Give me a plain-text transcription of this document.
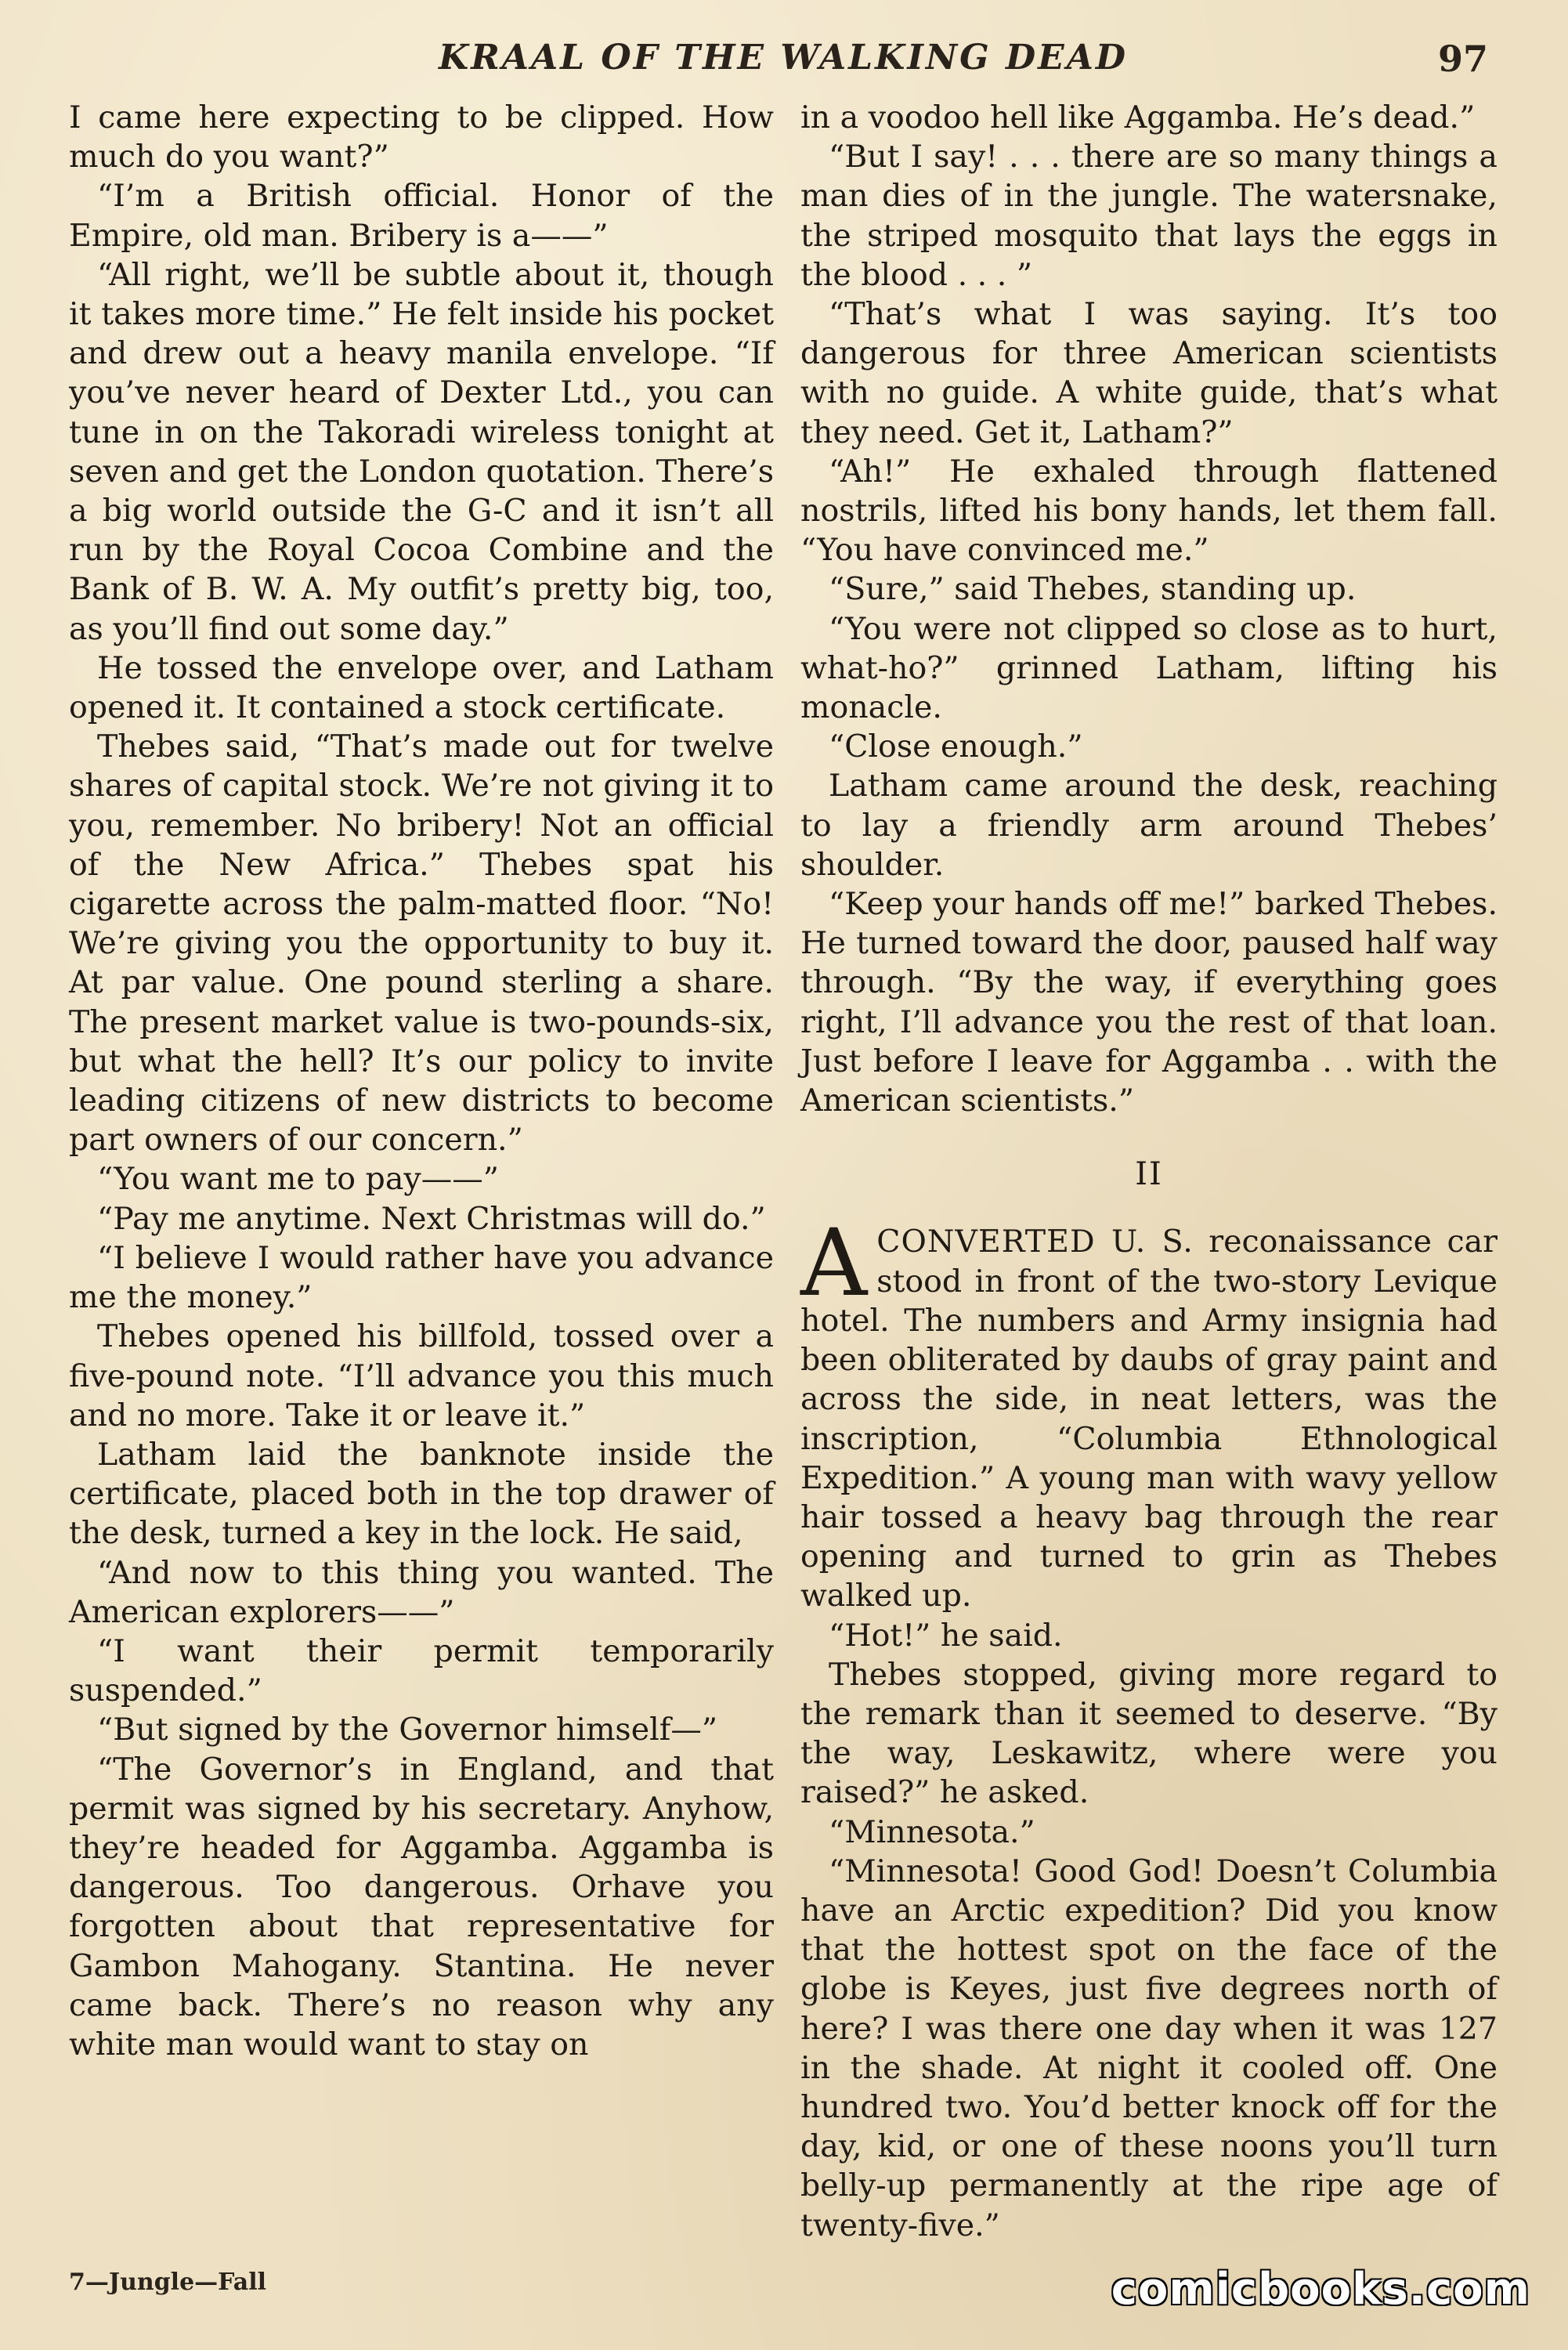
KRAAL OF THE WALKING DEAD	97

I came here expecting to be clipped. How much do you want?”

“I’m a British official. Honor of the Empire, old man. Bribery is a——”

“All right, we’ll be subtle about it, though it takes more time.” He felt inside his pocket and drew out a heavy manila envelope. “If you’ve never heard of Dexter Ltd., you can tune in on the Takoradi wireless tonight at seven and get the London quotation. There’s a big world outside the G-C and it isn’t all run by the Royal Cocoa Combine and the Bank of B. W. A. My outfit’s pretty big, too, as you’ll find out some day.”

He tossed the envelope over, and Latham opened it. It contained a stock certificate.

Thebes said, “That’s made out for twelve shares of capital stock. We’re not giving it to you, remember. No bribery! Not an official of the New Africa.” Thebes spat his cigarette across the palm-matted floor. “No! We’re giving you the opportunity to buy it. At par value. One pound sterling a share. The present market value is two-pounds-six, but what the hell? It’s our policy to invite leading citizens of new districts to become part owners of our concern.”

“You want me to pay——”

“Pay me anytime. Next Christmas will do.”

“I believe I would rather have you advance me the money.”

Thebes opened his billfold, tossed over a five-pound note. “I’ll advance you this much and no more. Take it or leave it.”

Latham laid the banknote inside the certificate, placed both in the top drawer of the desk, turned a key in the lock. He said,

“And now to this thing you wanted. The American explorers——”

“I want their permit temporarily suspended.”

“But signed by the Governor himself—”

“The Governor’s in England, and that permit was signed by his secretary. Anyhow, they’re headed for Aggamba. Aggamba is dangerous. Too dangerous. Orhave you forgotten about that representative for Gambon Mahogany. Stantina. He never came back. There’s no reason why any white man would want to stay on

in a voodoo hell like Aggamba. He’s dead.”

“But I say! . . . there are so many things a man dies of in the jungle. The watersnake, the striped mosquito that lays the eggs in the blood . . . ”

“That’s what I was saying. It’s too dangerous for three American scientists with no guide. A white guide, that’s what they need. Get it, Latham?”

“Ah!” He exhaled through flattened nostrils, lifted his bony hands, let them fall. “You have convinced me.”

“Sure,” said Thebes, standing up.

“You were not clipped so close as to hurt, what-ho?” grinned Latham, lifting his monacle.

“Close enough.”

Latham came around the desk, reaching to lay a friendly arm around Thebes’ shoulder.

“Keep your hands off me!” barked Thebes. He turned toward the door, paused half way through. “By the way, if everything goes right, I’ll advance you the rest of that loan. Just before I leave for Aggamba . . with the American scientists.”

II

ACONVERTED U. S. reconaissance car stood in front of the two-story Levique hotel. The numbers and Army insignia had been obliterated by daubs of gray paint and across the side, in neat letters, was the inscription, “Columbia Ethnological Expedition.” A young man with wavy yellow hair tossed a heavy bag through the rear opening and turned to grin as Thebes walked up.

“Hot!” he said.

Thebes stopped, giving more regard to the remark than it seemed to deserve. “By the way, Leskawitz, where were you raised?” he asked.

“Minnesota.”

“Minnesota! Good God! Doesn’t Columbia have an Arctic expedition? Did you know that the hottest spot on the face of the globe is Keyes, just five degrees north of here? I was there one day when it was 127 in the shade. At night it cooled off. One hundred two. You’d better knock off for the day, kid, or one of these noons you’ll turn belly-up permanently at the ripe age of twenty-five.”

7—Jungle—Fall	comicbooks.com
